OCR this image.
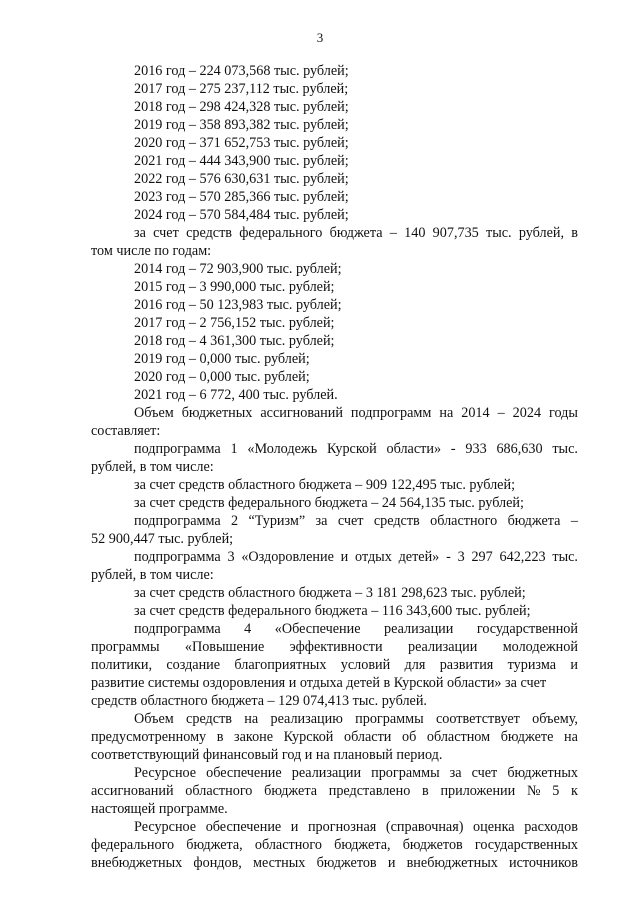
3
2016 год – 224 073,568 тыс. рублей;
2017 год – 275 237,112 тыс. рублей;
2018 год – 298 424,328 тыс. рублей;
2019 год – 358 893,382 тыс. рублей;
2020 год – 371 652,753 тыс. рублей;
2021 год – 444 343,900 тыс. рублей;
2022 год – 576 630,631 тыс. рублей;
2023 год – 570 285,366 тыс. рублей;
2024 год – 570 584,484 тыс. рублей;
за счет средств федерального бюджета – 140 907,735 тыс. рублей, в
том числе по годам:
2014 год – 72 903,900 тыс. рублей;
2015 год – 3 990,000 тыс. рублей;
2016 год – 50 123,983 тыс. рублей;
2017 год – 2 756,152 тыс. рублей;
2018 год – 4 361,300 тыс. рублей;
2019 год – 0,000 тыс. рублей;
2020 год – 0,000 тыс. рублей;
2021 год – 6 772, 400 тыс. рублей.
Объем бюджетных ассигнований подпрограмм на 2014 – 2024 годы
составляет:
подпрограмма 1 «Молодежь Курской области» - 933 686,630 тыс.
рублей, в том числе:
за счет средств областного бюджета – 909 122,495 тыс. рублей;
за счет средств федерального бюджета – 24 564,135 тыс. рублей;
подпрограмма 2 “Туризм” за счет средств областного бюджета –
52 900,447 тыс. рублей;
подпрограмма 3 «Оздоровление и отдых детей» - 3 297 642,223 тыс.
рублей, в том числе:
за счет средств областного бюджета – 3 181 298,623 тыс. рублей;
за счет средств федерального бюджета – 116 343,600 тыс. рублей;
подпрограмма 4 «Обеспечение реализации государственной
программы «Повышение эффективности реализации молодежной
политики, создание благоприятных условий для развития туризма и
развитие системы оздоровления и отдыха детей в Курской области» за счет
средств областного бюджета – 129 074,413 тыс. рублей.
Объем средств на реализацию программы соответствует объему,
предусмотренному в законе Курской области об областном бюджете на
соответствующий финансовый год и на плановый период.
Ресурсное обеспечение реализации программы за счет бюджетных
ассигнований областного бюджета представлено в приложении № 5 к
настоящей программе.
Ресурсное обеспечение и прогнозная (справочная) оценка расходов
федерального бюджета, областного бюджета, бюджетов государственных
внебюджетных фондов, местных бюджетов и внебюджетных источников
